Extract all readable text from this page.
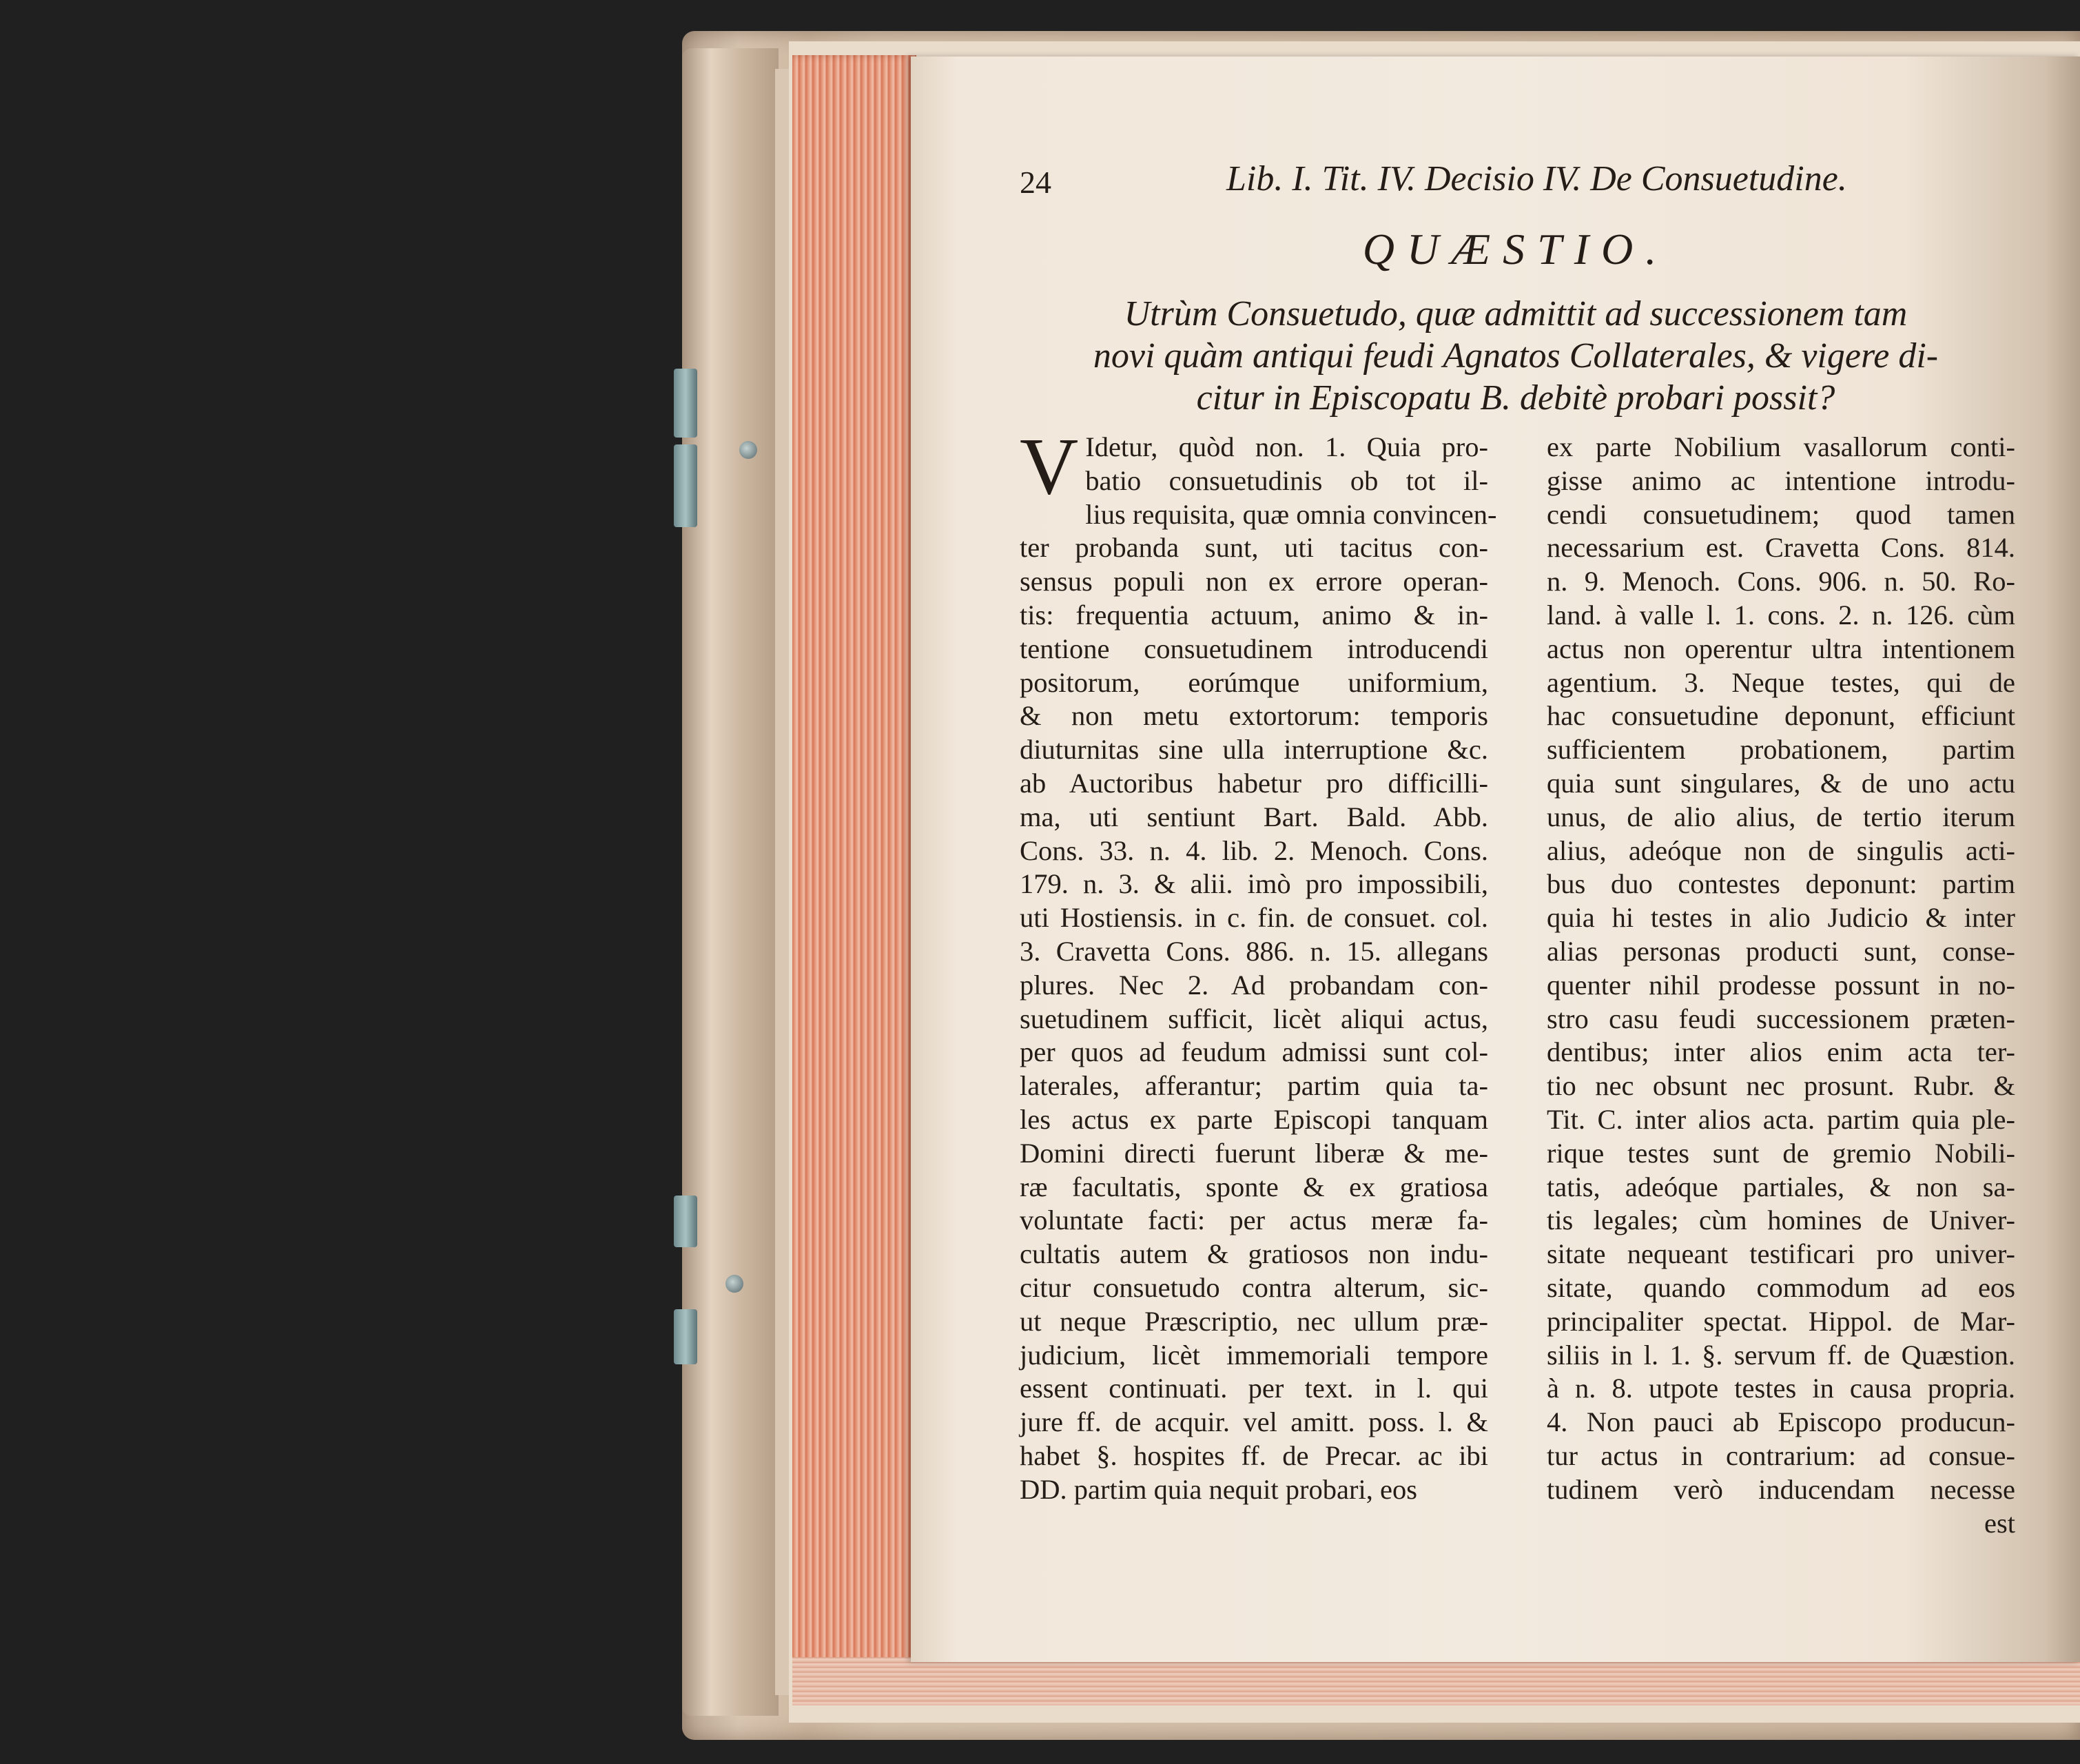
24	Lib. I. Tit. IV. Decisio IV. De Consuetudine.
QUÆSTIO.
Utrùm Consuetudo, quæ admittit ad successionem tam
novi quàm antiqui feudi Agnatos Collaterales, & vigere di-
citur in Episcopatu B. debitè probari possit?
V Idetur, quòd non. 1. Quia pro-
batio consuetudinis ob tot il-
lius requisita, quæ omnia convincen-
ter probanda sunt, uti tacitus con-
sensus populi non ex errore operan-
tis: frequentia actuum, animo & in-
tentione consuetudinem introducendi
positorum, eorúmque uniformium,
& non metu extortorum: temporis
diuturnitas sine ulla interruptione &c.
ab Auctoribus habetur pro difficilli-
ma, uti sentiunt Bart. Bald. Abb.
Cons. 33. n. 4. lib. 2. Menoch. Cons.
179. n. 3. & alii. imò pro impossibili,
uti Hostiensis. in c. fin. de consuet. col.
3. Cravetta Cons. 886. n. 15. allegans
plures. Nec 2. Ad probandam con-
suetudinem sufficit, licèt aliqui actus,
per quos ad feudum admissi sunt col-
laterales, afferantur; partim quia ta-
les actus ex parte Episcopi tanquam
Domini directi fuerunt liberæ & me-
ræ facultatis, sponte & ex gratiosa
voluntate facti: per actus meræ fa-
cultatis autem & gratiosos non indu-
citur consuetudo contra alterum, sic-
ut neque Præscriptio, nec ullum præ-
judicium, licèt immemoriali tempore
essent continuati. per text. in l. qui
jure ff. de acquir. vel amitt. poss. l. &
habet §. hospites ff. de Precar. ac ibi
DD. partim quia nequit probari, eos
ex parte Nobilium vasallorum conti-
gisse animo ac intentione introdu-
cendi consuetudinem; quod tamen
necessarium est. Cravetta Cons. 814.
n. 9. Menoch. Cons. 906. n. 50. Ro-
land. à valle l. 1. cons. 2. n. 126. cùm
actus non operentur ultra intentionem
agentium. 3. Neque testes, qui de
hac consuetudine deponunt, efficiunt
sufficientem probationem, partim
quia sunt singulares, & de uno actu
unus, de alio alius, de tertio iterum
alius, adeóque non de singulis acti-
bus duo contestes deponunt: partim
quia hi testes in alio Judicio & inter
alias personas producti sunt, conse-
quenter nihil prodesse possunt in no-
stro casu feudi successionem præten-
dentibus; inter alios enim acta ter-
tio nec obsunt nec prosunt. Rubr. &
Tit. C. inter alios acta. partim quia ple-
rique testes sunt de gremio Nobili-
tatis, adeóque partiales, & non sa-
tis legales; cùm homines de Univer-
sitate nequeant testificari pro univer-
sitate, quando commodum ad eos
principaliter spectat. Hippol. de Mar-
siliis in l. 1. §. servum ff. de Quæstion.
à n. 8. utpote testes in causa propria.
4. Non pauci ab Episcopo producun-
tur actus in contrarium: ad consue-
tudinem verò inducendam necesse
est
